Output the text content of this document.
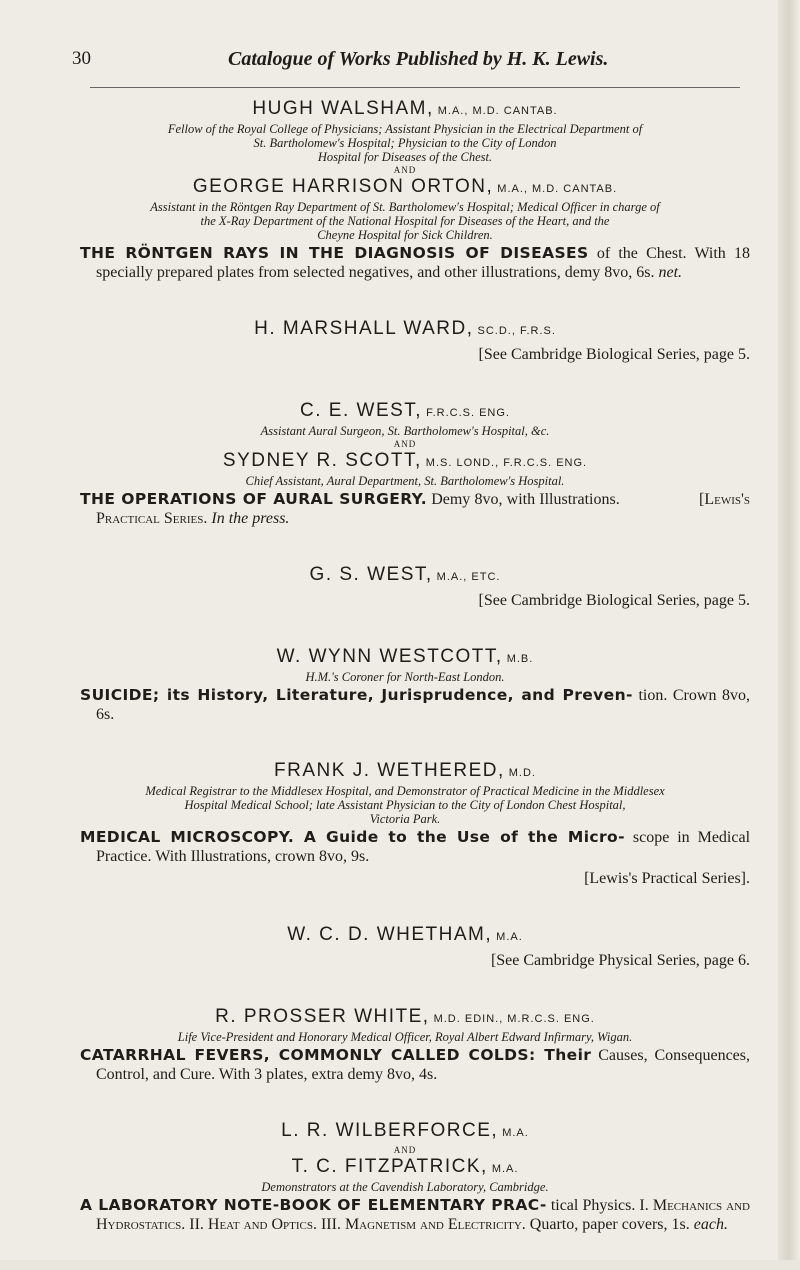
30	Catalogue of Works Published by H. K. Lewis.

HUGH WALSHAM, M.A., M.D. CANTAB.

Fellow of the Royal College of Physicians; Assistant Physician in the Electrical Department of

St. Bartholomew's Hospital; Physician to the City of London

Hospital for Diseases of the Chest.

AND

GEORGE HARRISON ORTON, M.A., M.D. CANTAB.

Assistant in the Röntgen Ray Department of St. Bartholomew's Hospital; Medical Officer in charge of

the X-Ray Department of the National Hospital for Diseases of the Heart, and the

Cheyne Hospital for Sick Children.

THE RÖNTGEN RAYS IN THE DIAGNOSIS OF DISEASES of the Chest. With 18 specially prepared plates from selected negatives, and other illustrations, demy 8vo, 6s. net.

H. MARSHALL WARD, SC.D., F.R.S.

[See Cambridge Biological Series, page 5.

C. E. WEST, F.R.C.S. ENG.

Assistant Aural Surgeon, St. Bartholomew's Hospital, &c.

AND

SYDNEY R. SCOTT, M.S. LOND., F.R.C.S. ENG.

Chief Assistant, Aural Department, St. Bartholomew's Hospital.

THE OPERATIONS OF AURAL SURGERY. Demy 8vo, with Illustrations.	[Lewis's Practical Series. In the press.

G. S. WEST, M.A., ETC.

[See Cambridge Biological Series, page 5.

W. WYNN WESTCOTT, M.B.

H.M.'s Coroner for North-East London.

SUICIDE; its History, Literature, Jurisprudence, and Preven- tion. Crown 8vo, 6s.

FRANK J. WETHERED, M.D.

Medical Registrar to the Middlesex Hospital, and Demonstrator of Practical Medicine in the Middlesex

Hospital Medical School; late Assistant Physician to the City of London Chest Hospital,

Victoria Park.

MEDICAL MICROSCOPY. A Guide to the Use of the Micro- scope in Medical Practice. With Illustrations, crown 8vo, 9s.

[Lewis's Practical Series].

W. C. D. WHETHAM, M.A.

[See Cambridge Physical Series, page 6.

R. PROSSER WHITE, M.D. EDIN., M.R.C.S. ENG.

Life Vice-President and Honorary Medical Officer, Royal Albert Edward Infirmary, Wigan.

CATARRHAL FEVERS, COMMONLY CALLED COLDS: Their Causes, Consequences, Control, and Cure. With 3 plates, extra demy 8vo, 4s.

L. R. WILBERFORCE, M.A.

AND

T. C. FITZPATRICK, M.A.

Demonstrators at the Cavendish Laboratory, Cambridge.

A LABORATORY NOTE-BOOK OF ELEMENTARY PRAC- tical Physics. I. Mechanics and Hydrostatics. II. Heat and Optics. III. Magnetism and Electricity. Quarto, paper covers, 1s. each.
